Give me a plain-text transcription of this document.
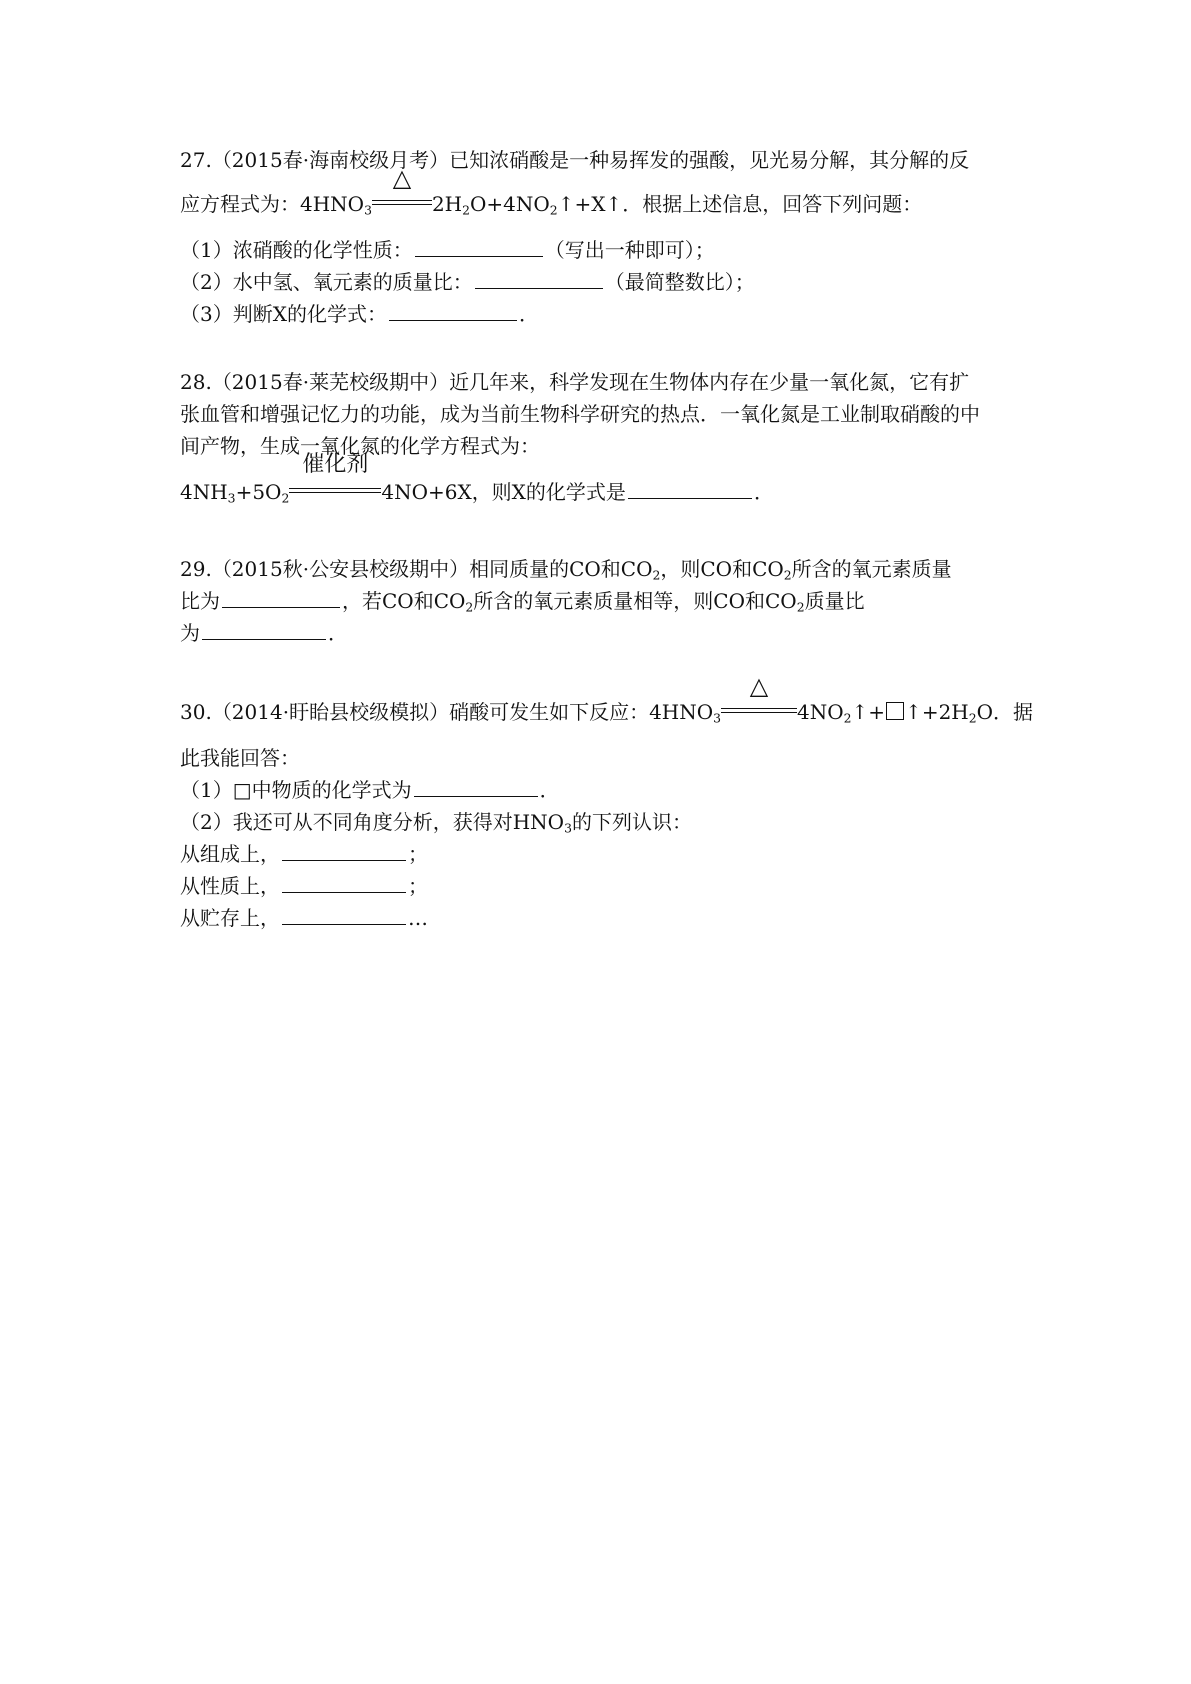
27.（2015春·海南校级月考）已知浓硝酸是一种易挥发的强酸，见光易分解，其分解的反
应方程式为：$4HNO_3$
△
$2H_2O+4NO_2↑+X↑$．根据上述信息，回答下列问题：
（1）浓硝酸的化学性质：	（写出一种即可）；
（2）水中氢、氧元素的质量比：	（最简整数比）；
（3）判断X的化学式：	．
28.（2015春·莱芜校级期中）近几年来，科学发现在生物体内存在少量一氧化氮，它有扩
张血管和增强记忆力的功能，成为当前生物科学研究的热点．一氧化氮是工业制取硝酸的中
间产物，生成一氧化氮的化学方程式为：
$4NH_3+5O_2$
催化剂
4NO+6X，则X的化学式是	．
29.（2015秋·公安县校级期中）相同质量的CO和$CO_2$，则CO和$CO_2$所含的氧元素质量
比为	，若CO和$CO_2$所含的氧元素质量相等，则CO和$CO_2$质量比
为	．
30.（2014·盱眙县校级模拟）硝酸可发生如下反应：$4HNO_3$
△
$4NO_2↑+$ $↑+2H_2O$．据
此我能回答：
（1）□中物质的化学式为	．
（2）我还可从不同角度分析，获得对$HNO_3$的下列认识：
从组成上，	；
从性质上，	；
从贮存上，	…
